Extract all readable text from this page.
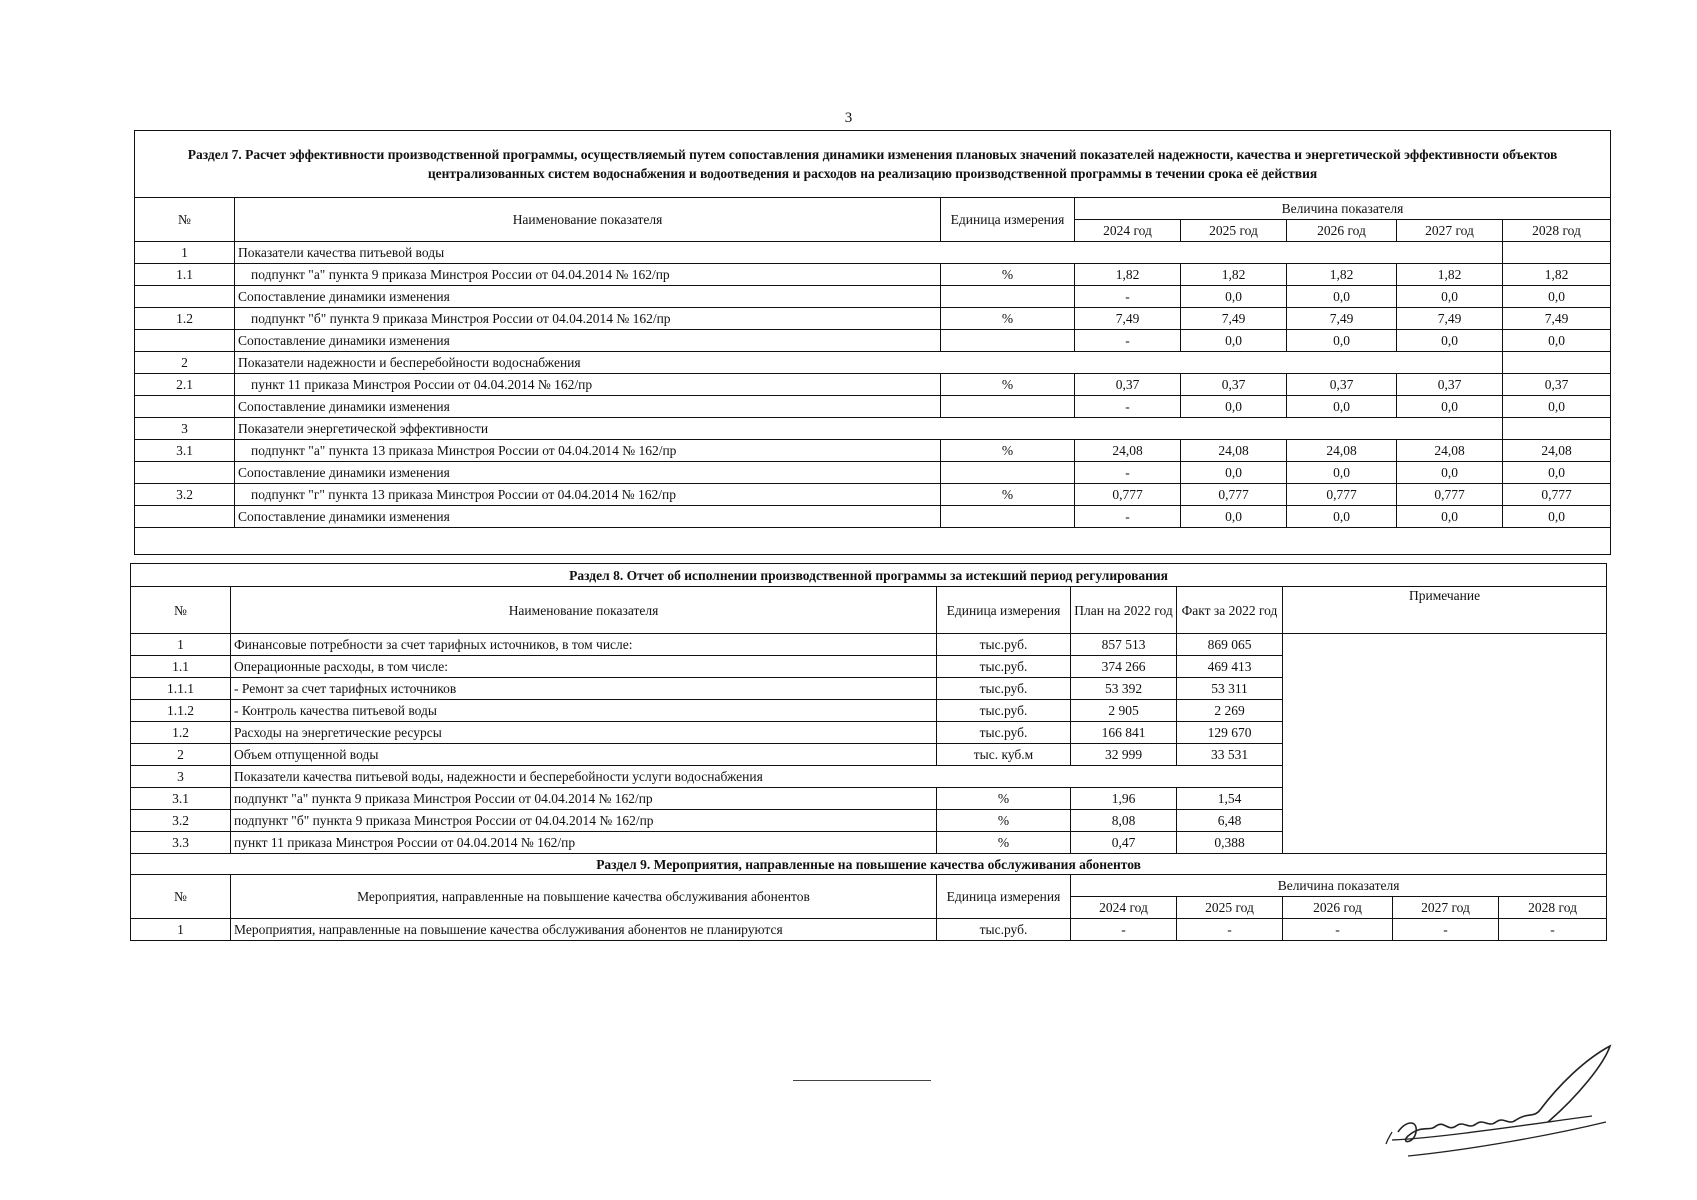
3
Раздел 7. Расчет эффективности производственной программы, осуществляемый путем сопоставления динамики изменения плановых значений показателей надежности, качества и энергетической эффективности объектов централизованных систем водоснабжения и водоотведения и расходов на реализацию производственной программы в течении срока её действия							
№	Наименование показателя	Единица измерения	Величина показателя				
			2024 год	2025 год	2026 год	2027 год	2028 год
1	Показатели качества питьевой воды						
1.1	подпункт "а" пункта 9 приказа Минстроя России от 04.04.2014 № 162/пр	%	1,82	1,82	1,82	1,82	1,82
	Сопоставление динамики изменения		-	0,0	0,0	0,0	0,0
1.2	подпункт "б" пункта 9 приказа Минстроя России от 04.04.2014 № 162/пр	%	7,49	7,49	7,49	7,49	7,49
	Сопоставление динамики изменения		-	0,0	0,0	0,0	0,0
2	Показатели надежности и бесперебойности водоснабжения						
2.1	пункт 11 приказа Минстроя России от 04.04.2014 № 162/пр	%	0,37	0,37	0,37	0,37	0,37
	Сопоставление динамики изменения		-	0,0	0,0	0,0	0,0
3	Показатели энергетической эффективности						
3.1	подпункт "а" пункта 13 приказа Минстроя России от 04.04.2014 № 162/пр	%	24,08	24,08	24,08	24,08	24,08
	Сопоставление динамики изменения		-	0,0	0,0	0,0	0,0
3.2	подпункт "г" пункта 13 приказа Минстроя России от 04.04.2014 № 162/пр	%	0,777	0,777	0,777	0,777	0,777
	Сопоставление динамики изменения		-	0,0	0,0	0,0	0,0

Раздел 8. Отчет об исполнении производственной программы за истекший период регулирования							
№	Наименование показателя	Единица измерения	План на 2022 год	Факт за 2022 год	Примечание		
1	Финансовые потребности за счет тарифных источников, в том числе:	тыс.руб.	857 513	869 065			
1.1	Операционные расходы, в том числе:	тыс.руб.	374 266	469 413			
1.1.1	- Ремонт за счет тарифных источников	тыс.руб.	53 392	53 311			
1.1.2	- Контроль качества питьевой воды	тыс.руб.	2 905	2 269			
1.2	Расходы на энергетические ресурсы	тыс.руб.	166 841	129 670			
2	Объем отпущенной воды	тыс. куб.м	32 999	33 531			
3	Показатели качества питьевой воды, надежности и бесперебойности услуги водоснабжения						
3.1	подпункт "а" пункта 9 приказа Минстроя России от 04.04.2014 № 162/пр	%	1,96	1,54			
3.2	подпункт "б" пункта 9 приказа Минстроя России от 04.04.2014 № 162/пр	%	8,08	6,48			
3.3	пункт 11 приказа Минстроя России от 04.04.2014 № 162/пр	%	0,47	0,388			
Раздел 9. Мероприятия, направленные на повышение качества обслуживания абонентов							
№	Мероприятия, направленные на повышение качества обслуживания абонентов	Единица измерения	Величина показателя				
			2024 год	2025 год	2026 год	2027 год	2028 год
1	Мероприятия, направленные на повышение качества обслуживания абонентов не планируются	тыс.руб.	-	-	-	-	-
